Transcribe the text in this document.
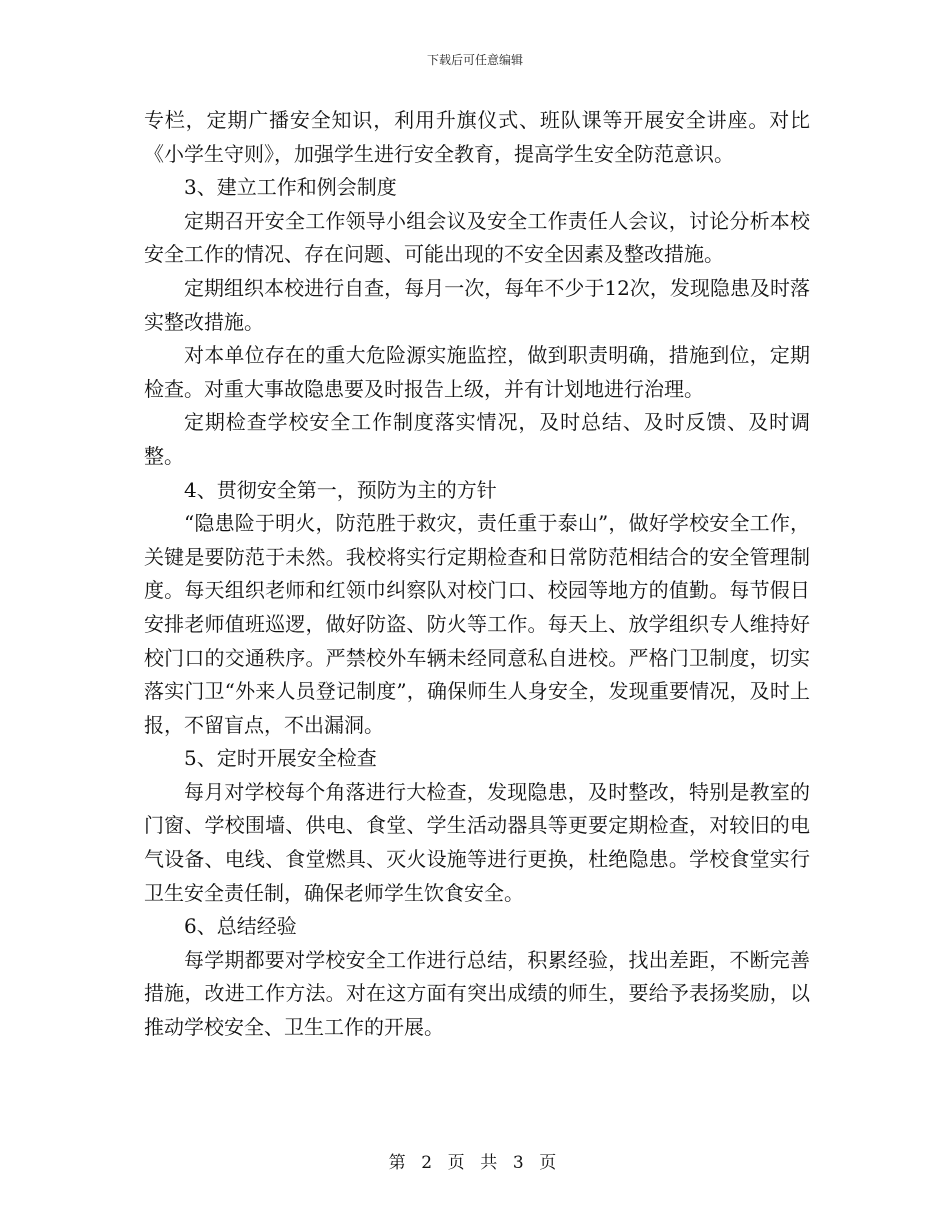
下载后可任意编辑

专栏，定期广播安全知识，利用升旗仪式、班队课等开展安全讲座。对比《小学生守则》，加强学生进行安全教育，提高学生安全防范意识。

3、建立工作和例会制度

定期召开安全工作领导小组会议及安全工作责任人会议，讨论分析本校安全工作的情况、存在问题、可能出现的不安全因素及整改措施。

定期组织本校进行自查，每月一次，每年不少于12次，发现隐患及时落实整改措施。

对本单位存在的重大危险源实施监控，做到职责明确，措施到位，定期检查。对重大事故隐患要及时报告上级，并有计划地进行治理。

定期检查学校安全工作制度落实情况，及时总结、及时反馈、及时调整。

4、贯彻安全第一，预防为主的方针

“隐患险于明火，防范胜于救灾，责任重于泰山”，做好学校安全工作，关键是要防范于未然。我校将实行定期检查和日常防范相结合的安全管理制度。每天组织老师和红领巾纠察队对校门口、校园等地方的值勤。每节假日安排老师值班巡逻，做好防盗、防火等工作。每天上、放学组织专人维持好校门口的交通秩序。严禁校外车辆未经同意私自进校。严格门卫制度，切实落实门卫“外来人员登记制度”，确保师生人身安全，发现重要情况，及时上报，不留盲点，不出漏洞。

5、定时开展安全检查

每月对学校每个角落进行大检查，发现隐患，及时整改，特别是教室的门窗、学校围墙、供电、食堂、学生活动器具等更要定期检查，对较旧的电气设备、电线、食堂燃具、灭火设施等进行更换，杜绝隐患。学校食堂实行卫生安全责任制，确保老师学生饮食安全。

6、总结经验

每学期都要对学校安全工作进行总结，积累经验，找出差距，不断完善措施，改进工作方法。对在这方面有突出成绩的师生，要给予表扬奖励，以推动学校安全、卫生工作的开展。

第 2 页 共 3 页
